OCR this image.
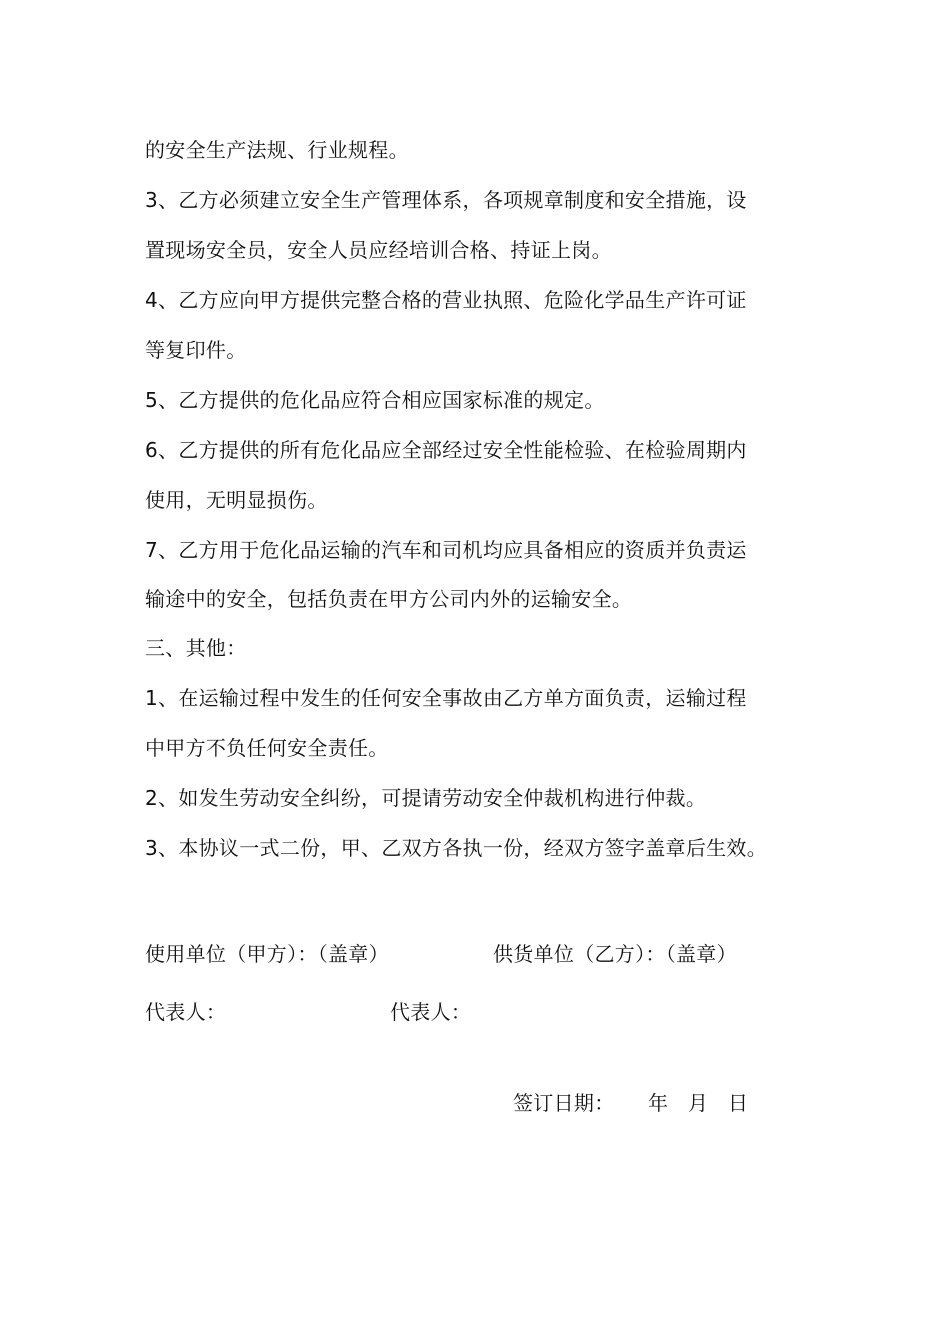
的安全生产法规、行业规程。
3、乙方必须建立安全生产管理体系，各项规章制度和安全措施，设
置现场安全员，安全人员应经培训合格、持证上岗。
4、乙方应向甲方提供完整合格的营业执照、危险化学品生产许可证
等复印件。
5、乙方提供的危化品应符合相应国家标准的规定。
6、乙方提供的所有危化品应全部经过安全性能检验、在检验周期内
使用，无明显损伤。
7、乙方用于危化品运输的汽车和司机均应具备相应的资质并负责运
输途中的安全，包括负责在甲方公司内外的运输安全。
三、其他：
1、在运输过程中发生的任何安全事故由乙方单方面负责，运输过程
中甲方不负任何安全责任。
2、如发生劳动安全纠纷，可提请劳动安全仲裁机构进行仲裁。
3、本协议一式二份，甲、乙双方各执一份，经双方签字盖章后生效。
使用单位（甲方）：（盖章）	供货单位（乙方）：（盖章）
代表人：	代表人：
签订日期： 年 月 日
